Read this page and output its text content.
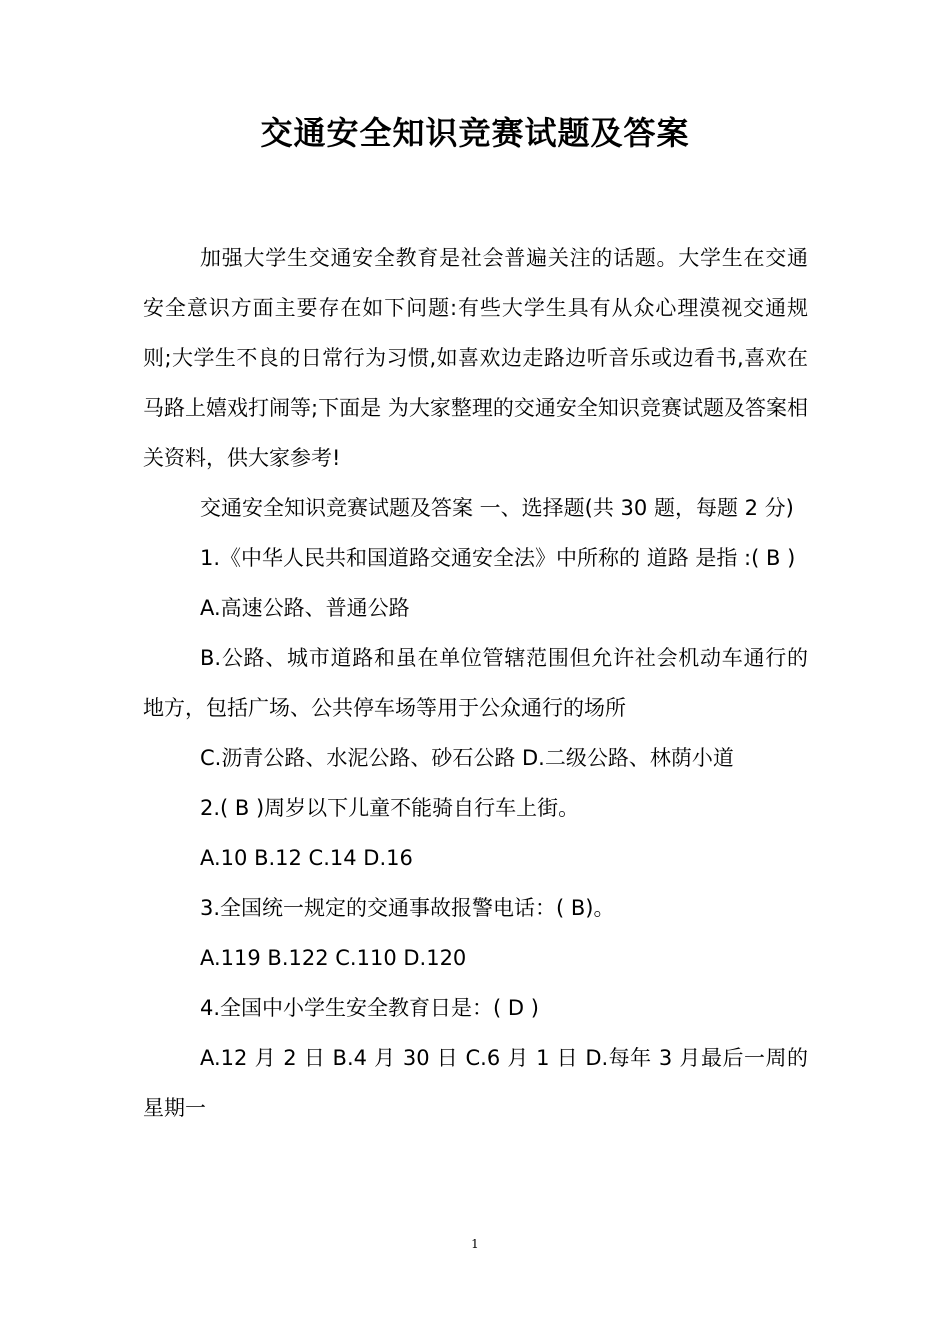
交通安全知识竞赛试题及答案

加强大学生交通安全教育是社会普遍关注的话题。大学生在交通安全意识方面主要存在如下问题:有些大学生具有从众心理漠视交通规则;大学生不良的日常行为习惯,如喜欢边走路边听音乐或边看书,喜欢在马路上嬉戏打闹等;下面是 为大家整理的交通安全知识竞赛试题及答案相关资料，供大家参考!

交通安全知识竞赛试题及答案 一、选择题(共 30 题，每题 2 分)

1.《中华人民共和国道路交通安全法》中所称的 道路 是指 :( B )

A.高速公路、普通公路

B.公路、城市道路和虽在单位管辖范围但允许社会机动车通行的地方，包括广场、公共停车场等用于公众通行的场所

C.沥青公路、水泥公路、砂石公路 D.二级公路、林荫小道

2.( B )周岁以下儿童不能骑自行车上街。

A.10 B.12 C.14 D.16

3.全国统一规定的交通事故报警电话：( B)。

A.119 B.122 C.110 D.120

4.全国中小学生安全教育日是：( D )

A.12 月 2 日 B.4 月 30 日 C.6 月 1 日 D.每年 3 月最后一周的星期一

1
